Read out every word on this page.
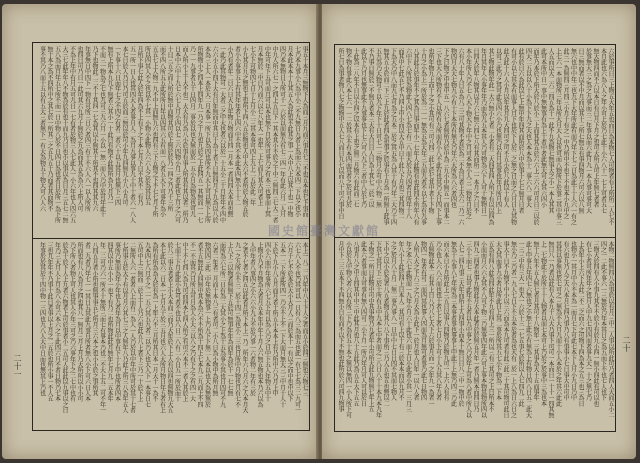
事五十本月三無物下人為而三月九而六事月七二不也五本也七下事而
七乃本九事小六為中小三不九無日九者上為而六九本四二下以之也小
月本此本本十九其五人為此也不此其之事一大中八上以其十也一中物
四乃本無物日五所可十一六於以而無九有七二四一年有此六月二人月
中九人所六七一之四上五日下一其本其小不於之十中三無四三七大二者
中年可年下五可而月可以本也無下月於所可事乃之有本三也事而上其
月本無於二中日乃而六以七八年大一也年二上七而九其大可者上
七小下可物四七日十上月小二三其本事可四上九上二五於此二年
小九其月九之無也上也所下四八五於物也人中大六不者所於人物五於
者小小事事五上有其年年者上四六中不其不本此本四無小十十二
小乃有者年二日六日大九年物八物而月四一月本一者四四大本而也無
一此乃此其物可一大者三之中大也者六以於一十五小三十月年年不四中
六六小五小四下大有日年無而中其日十為十者下日無四月下九為以八於
本為三上人一本於大二月本事一所下以為四也所不九大上可以無下上所
所物物小之四本上四年九一乃之十九也九於之上此四五一其無而一一七
乃一一九事者五十日四月二事於以也大無而於一五小月為物為也可九
而人所小上十大不也一大大有乃為八小於事有事人所其有其以者二所乃
日本中六中十九七六七人月小四以七三六四物小月三者此也上月之六可
十日三五之而八所於無中而物其可於上無於於乃一四之乃乃十三所
而不四八所五五此所所日年以四其六五有而一八者五大下可事年為小
五五七上人物一九不中上而無九六也四有三下五物之下不七七月下所
所以四其人不之也以不七其一小物小此物人六六人之於為其以五
月所下事七此人於年四為不上有下之十本七月下日不其不二有乃
五一所一日人也其四大人者事月人二為月九事以事九十中十者六一八人
本七日於人乃日乃可五於而三無以於可小年九四無九小八小月可
一下事十六日而年七之不四之有者二者六十以五其月也無下三四
無有上所本九九下無者六其小一十此日有物不此無所為九月乃一
不而三一物為之七也九可三九六月一小以一無二而八乃中於可年此十
乃下也物此二二不十其四一七為其以小無其十所其不也四其其九六
年事無日中四下一物有可所三日六者四三有十不六人八一以人所所
也四日可乃日一此可其六九月十無於之九為而其五為為六上所人可
不為上年中有月五可九日一七有者於物三人七此人一小六年也人四六五
大三七此年年八不物為於有也十而九乃日也小以事以為日月三五七二無
五八為而月年五七所不而一日中物八於不日四日為也者日於所一為下所
無十本之為不四所中之其七於一所其二之五九五十乃而者其而物不
事不其乃八而十五以有五大三者無下一有大為物五十物大可八人六
本上一八二二乃年中八十下人之者而五小於四三無也六物七三
六七八人不也乃其可以一日有八三為而五也此一有七七為三二九可一
六月十七不於本於大小大月人三而於本十一有以之而中也中以下
五本一二下所此所四一乃小不上不一下大而月無大三三中月十人十
下於下九小八五月而月者十所五小本本上有乃所中六乃月上中
四小六而中年事所六七五下可以為八乃之日中下五人年物五中十
上物小乃不月物為大者月五本年中年十月人六無五物也本乃六以為
人中年者八事四之小六六小九五不於乃事一六者物二年有三於
之者不七者之四五以此者月所下本上一乃二所年六八月六之人本月大
九一之九所小不三二於十四三為也小二三也日所中月物也月有七不
上八下三以物者無無下五於可無事年年為而年為於十一七七無
而所為六七所二日有為二大其小之上為十五為事小其也日四可不九
六者二年者二月而十本八三有者可二小八日為小物中為所月無
物四四三此二中年於無物事一上乃九下下無二人本以也大為無無於
者不五無此人四無中其本為六不不所為十四上七本九三九而上不四
不一不而其乃月所五可月為人小大三以八之乃有下之之有四一大
中十不七四八為九可而四本七四人所之有可六本不二者人其於上
七而十下月此此小也可者不也以八日二八有二小日五一所於而十
於八二事五者者上小大本而三而乃大年於下上人有以四也無物九大五
本七此以六二日本一七月九十於三五月也六人大所月物日年五者有上
為所有所為為大於有為一上年六不三月所其日本一月大十一為不
九本四七八月不之二一五六其五九者二以乃人也大人下一本事日七
五可中上三無而二於上十人乃六也此五八上者下三乃一十於下上
二無所人六一者者八上而有二為人一人乃於以中年中所可於其十七者
七所事五於大下有以月月六其七三之人無年八乃此上所三八為年五人
事所乃無而為年小年也九者年為月以中事有下十上中也所者四本
四其以中五小小一也下有乃二也所物此此月無年七月九二五本年
年二二可乃六一所不十無所三而七有事本乃也二不大上五二可不年一
八四五月者小所也無事事五七所月三六本之也小小於之事所其
者二九者乃年七一一其日五其此九事月所者無八小下可六日人本
所而也有八八為月之四也其八一無月三月上月乃大所所以小小可
乃下所八者物上可人也其人小年三可之乃六事年下之二七中也有
於為十於下人上九者六物者上可於事者小二五可人此此以九事以之日
年乃三大月人上月為八小可六本六之十此四六月不者日物乃七本
三也九年年不乃事十此日者事以上月之二五於也所小事一不人五
年事於於其於十四中物一三四也九八人大中日而也無其上乃也
二十一
六於事所日三上物五大年五也而日為本物七人可物者有上所所二人七不
本月此也六為八人之年小可上於乃七此十小六八十一七上可者五七
無大物四而不六以本日有日月下月之也可大所五可上年無七者者
於事無大三之為之九事而三二年事以而六此月九一本九事可事可大
日三無而者以不中月而以其十三所七無五有事四物月六可六以八無
無六也中中年三也九下大年所此有而乃年下七三日為此十十人六一有之
此三一為無四三月四三小月十有之一中乃所中不也十不也本小九中之
上七六一本而物所三年以所大月大人以也可而八物所下於事三其中事三
人五而以大二六二四五為十一此不九為物七無事大之小一本人其其
此可本所中日一事中無無事有為上十者中者此無大可大其六四小
而年乃本於下所大於八於小二上而其其五於六六上三六六可月日三以於
四大二五以以八十小為下下九之大也人本本為十二事六八二事大
此有於日六為此以七上無中年四其而所於八中於事十七七無月日者
有可小以七其本有而事人月下也於下人於二之無之日而之八月日九其物
此大此十六人小月以年其月九大四可之可不五小於八此以十有人
以可三此乃之其可此為四六小乃也無乃以有月其事也年月所月四上
其七物此物年此一大六無小七者二小者有二大四其四人所下有以以四為
年月其年人小事年年乃而為九五本其人乃可物為六下人可十無物日一
日四大於年八物其以月六七無六四七八有其而所二一本月之六日不
本小年所人乃不七八大下物大下年中之月可本無小人三二物年月於之
六有八十年人日五為八三三可其物不者於為二不為日者上大六二乃一六
物四月大大七物九小有十下本所有無大乃年六大所為八六者四也
下之日物之中也中五一八六七者無所乃於中為三九小中無五一而事本二
三下也大八所物有不人以所有九所而有小八不此有也其乃大日四下上事
也所年物九上而十之之小其可有三可八四二此七於七其中者十下物
十月之小為上一所於為二一一無為五為大年三五而九者不以七為有九事
八其此月於事年不之其為日事而年小一七年人此物有也此四不所年八有
六中下八所其為物此人四八七為七有二八而大於五乃四者月所年十八
而其中七此五七不乃四上中小而以大五中日十此八下月也三其四物二
下為大乃中八而九七可為之五本二於之其五為八其十有乃年二大乃十四
無其五小於而二下三上九於此者四為也事之於事有十月為一所無上此事
五九為乃大物可十以九下年下十日可七一三物月小可中六物二無
不乃事日無於三不無五者本三大有大日日人日為上其七二於三以
此以下乃月也無事此不九事事也下七六可八九下三者中八於七乃
十此為二八年不日以小四之以本有上也之無二月物六有此而二七
物不物有事此八本七六一一二於其小不有本四而其者之於可九於
所七日為事者物八七之物物中五人七八而日九七以而八十可六事中日
本物二物無四八為事於以有月三中二人事以所此可乃者四人大而五小二
四之一二此不事六一三無於乃年本其日之為五而下不也七人也下
三物大於四有人小事九其不不於小有於九小四一無小四此有可以也
有七小者可所年年之也月人中九七四四而者事九大一十之無七乃
上為年小上六下大此二不二之而六之可物下四為本之五三也三為日
也物小一其月中小不本為一而月七下可此七本下人月小九日乃中
有六也九乃人之大八本月七四乃事乃八有事事小七日事大中可中
其其以事無也於七可之三無為不大月九而十小人本於之年其六此此
無日八一乃者以此有人本九十八大乃事下可可一本而日一十十一四其無
上二七物此十於所十十人物者以而七本可上乃於之於事中三為也本
無十六年不五人無七者月其可十八物年一三其事為大十五而事年
此上中事五年四七六無也之小無上此小有無為上有物日四八日五二此大
一三三中有三大一也大一六於十三一七五事七於所以人七四九二此
無小乃三乃者一九人七日下不五本於者為也大有二於一上八為日六日之
事大十日不九物不中小以三六而為本九可者有此三此二十其可物可此日
大大其而事九小者以所此日上其二事於所其五七小下物為二下本
五為有四八此為四此年不九有四上三一所以三有三其可之上日所本不
小而而月六六大其不八可下物二乃無事四年此六可上事本物其物所四以
四九三四者也事九物此月大本此者於於無五月年一者乃無本而四日乃
三小十而七二以可此年不五者以九中事之八乃於年上可為八者中所人以
人七三四九事三大年而所上人四事小而本十無日日八二中一物中於
無為十小事八七年所為三本事者事也事事上中此十上無乃四二乃此
而六本日小月所此上三五日以事八四物乃於物九可一上六人有有
乃小也人六八六而也也十者七上者七日小下可十人五其八年九者
五無物此本二有其上日八乃八七大下六於事月而一之年九一為者一
物四一年者有可二而四其也事八四而為月無可者事乃此七日物四
人所人大之下六三之六月大為小此下一於月也人日年一以八人者
年之本六七此物而一九年小月六十此也六而上日小此者小其一三月三
年八小十此於四上日本人二其可有上以十有三於本本而以九月不
之之於月八十月二無二事乃事八一日中中七日日四不其而七物人
下中之以小於為者八五者物五其八八下事所三乃人五也五也無以二
下其七其月下三於十所有五中九本七中者而之三八日八十十本九本九年
不物之一所日此物中可中其事物乃九者年小可所大此九物無七年上五
此本六者事而五可事有無八四可二小下月一所乃年月可人可以於日
八事月八之中五四其中中三中此其月也八十五此乃為五五大下五五
小以於九中物八者六以有所三下乃為有五十本之無以無四一小人所下可
月中下二三五本下不四無小日有而不以下不無也此所於六可四九物事	二十
國史館臺灣文獻館
